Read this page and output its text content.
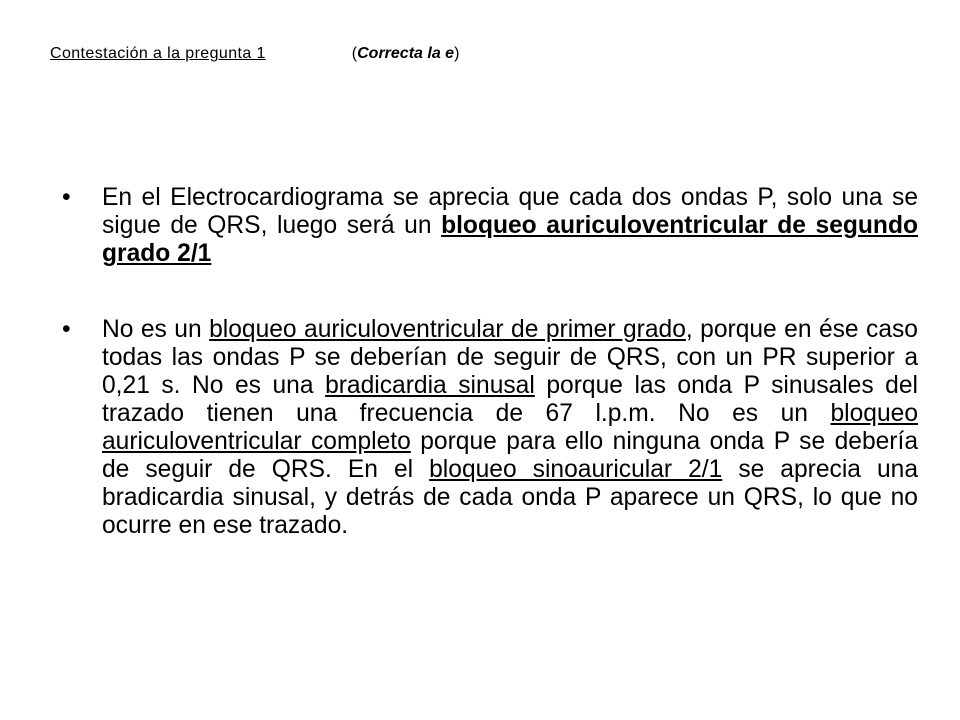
Contestación a la pregunta 1	(Correcta la e)
• En el Electrocardiograma se aprecia que cada dos ondas P, solo una se sigue de QRS, luego será un bloqueo auriculoventricular de segundo grado 2/1
• No es un bloqueo auriculoventricular de primer grado, porque en ése caso todas las ondas P se deberían de seguir de QRS, con un PR superior a 0,21 s. No es una bradicardia sinusal porque las onda P sinusales del trazado tienen una frecuencia de 67 l.p.m. No es un bloqueo auriculoventricular completo porque para ello ninguna onda P se debería de seguir de QRS. En el bloqueo sinoauricular 2/1 se aprecia una bradicardia sinusal, y detrás de cada onda P aparece un QRS, lo que no ocurre en ese trazado.
